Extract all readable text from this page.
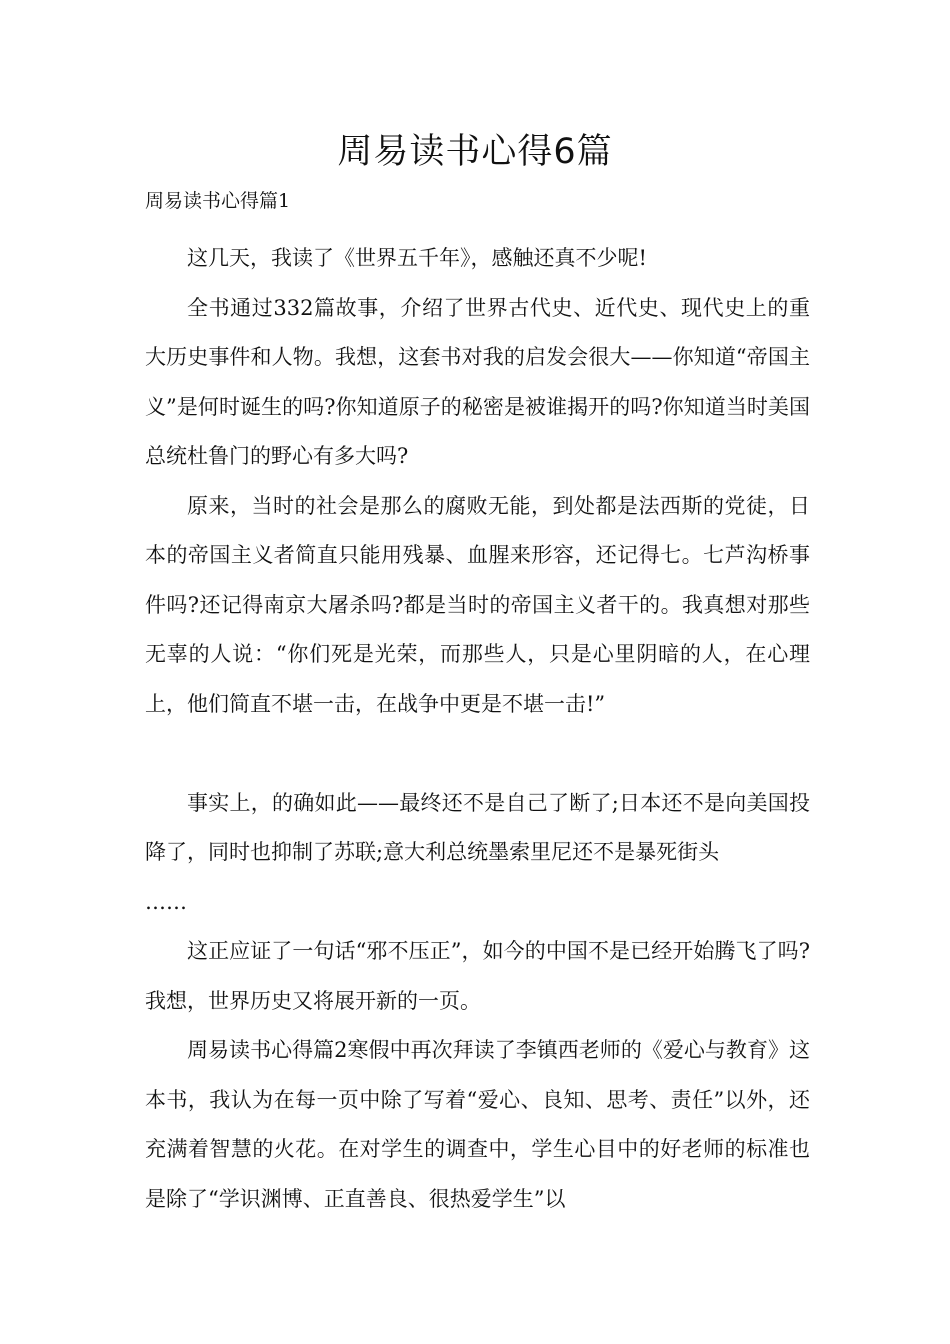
周易读书心得6篇
周易读书心得篇1

这几天，我读了《世界五千年》，感触还真不少呢!

全书通过332篇故事，介绍了世界古代史、近代史、现代史上的重大历史事件和人物。我想，这套书对我的启发会很大——你知道“帝国主义”是何时诞生的吗?你知道原子的秘密是被谁揭开的吗?你知道当时美国总统杜鲁门的野心有多大吗?

原来，当时的社会是那么的腐败无能，到处都是法西斯的党徒，日本的帝国主义者简直只能用残暴、血腥来形容，还记得七。七芦沟桥事件吗?还记得南京大屠杀吗?都是当时的帝国主义者干的。我真想对那些无辜的人说：“你们死是光荣，而那些人，只是心里阴暗的人，在心理上，他们简直不堪一击，在战争中更是不堪一击!”

事实上，的确如此——最终还不是自己了断了;日本还不是向美国投降了，同时也抑制了苏联;意大利总统墨索里尼还不是暴死街头

……

这正应证了一句话“邪不压正”，如今的中国不是已经开始腾飞了吗?我想，世界历史又将展开新的一页。

周易读书心得篇2寒假中再次拜读了李镇西老师的《爱心与教育》这本书，我认为在每一页中除了写着“爱心、良知、思考、责任”以外，还充满着智慧的火花。在对学生的调查中，学生心目中的好老师的标准也是除了“学识渊博、正直善良、很热爱学生”以
